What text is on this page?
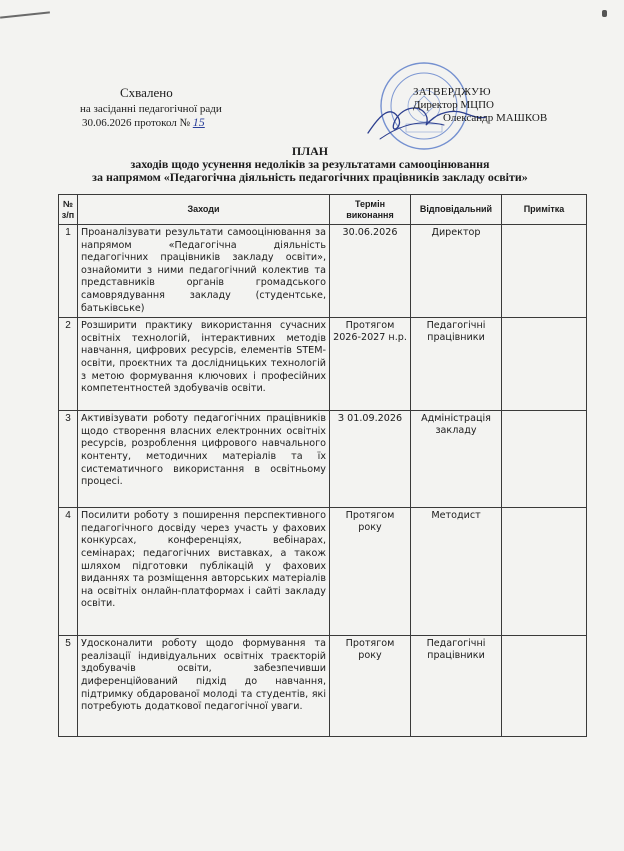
Схвалено
на засіданні педагогічної ради
30.06.2026 протокол № 15
ЗАТВЕРДЖУЮ
Директор МЦПО
Олександр МАШКОВ
ПЛАН
заходів щодо усунення недоліків за результатами самооцінювання
за напрямом «Педагогічна діяльність педагогічних працівників закладу освіти»
№ з/п	Заходи	Термін виконання	Відповідальний	Примітка
1	Проаналізувати результати самооцінювання за напрямом «Педагогічна діяльність педагогічних працівників закладу освіти», ознайомити з ними педагогічний колектив та представників органів громадського самоврядування закладу (студентське, батьківське)	30.06.2026	Директор	
2	Розширити практику використання сучасних освітніх технологій, інтерактивних методів навчання, цифрових ресурсів, елементів STEM-освіти, проєктних та дослідницьких технологій з метою формування ключових і професійних компетентностей здобувачів освіти.	Протягом 2026-2027 н.р.	Педагогічні працівники	
3	Активізувати роботу педагогічних працівників щодо створення власних електронних освітніх ресурсів, розроблення цифрового навчального контенту, методичних матеріалів та їх систематичного використання в освітньому процесі.	З 01.09.2026	Адміністрація закладу	
4	Посилити роботу з поширення перспективного педагогічного досвіду через участь у фахових конкурсах, конференціях, вебінарах, семінарах; педагогічних виставках, а також шляхом підготовки публікацій у фахових виданнях та розміщення авторських матеріалів на освітніх онлайн-платформах і сайті закладу освіти.	Протягом року	Методист	
5	Удосконалити роботу щодо формування та реалізації індивідуальних освітніх траєкторій здобувачів освіти, забезпечивши диференційований підхід до навчання, підтримку обдарованої молоді та студентів, які потребують додаткової педагогічної уваги.	Протягом року	Педагогічні працівники	
